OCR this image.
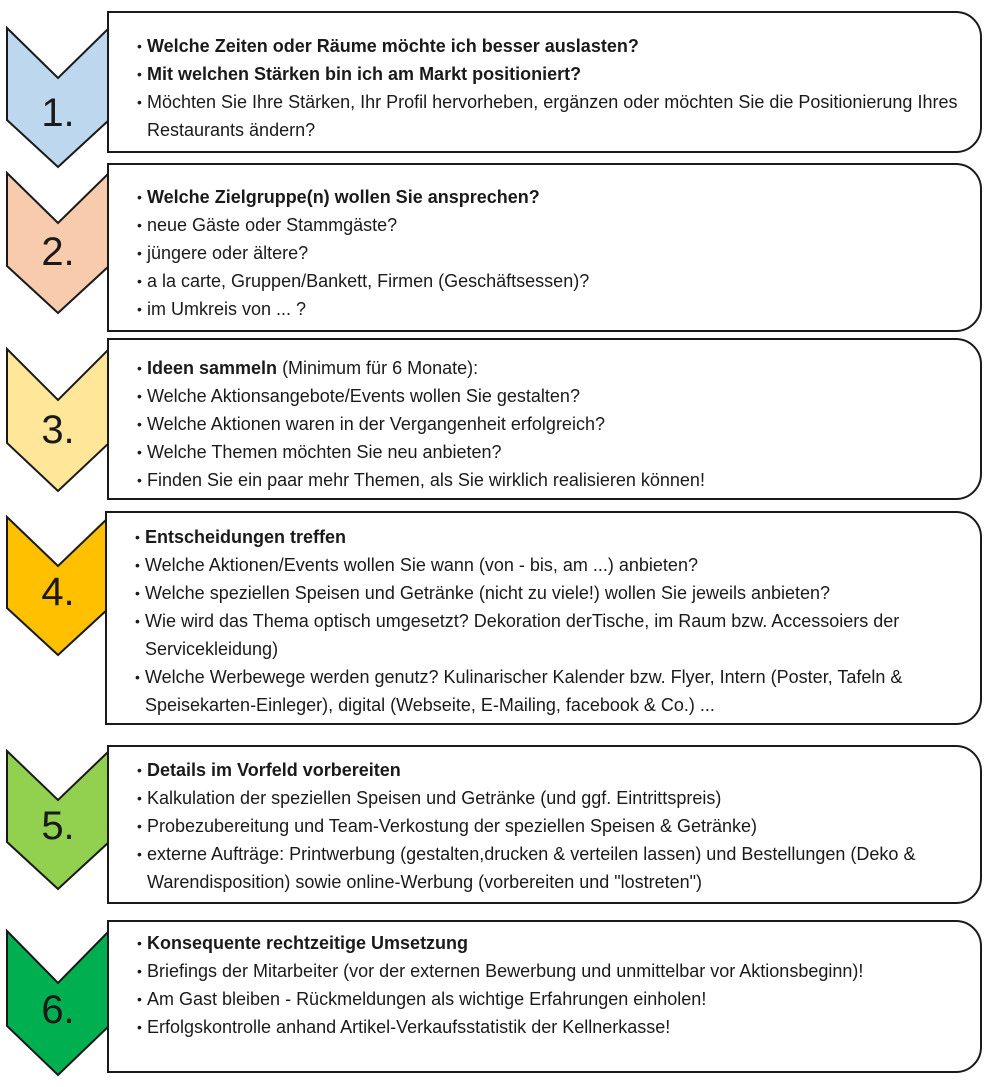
1.
• Welche Zeiten oder Räume möchte ich besser auslasten?
• Mit welchen Stärken bin ich am Markt positioniert?
• Möchten Sie Ihre Stärken, Ihr Profil hervorheben, ergänzen oder möchten Sie die Positionierung Ihres Restaurants ändern?
2.
• Welche Zielgruppe(n) wollen Sie ansprechen?
• neue Gäste oder Stammgäste?
• jüngere oder ältere?
• a la carte, Gruppen/Bankett, Firmen (Geschäftsessen)?
• im Umkreis von ... ?
3.
• Ideen sammeln (Minimum für 6 Monate):
• Welche Aktionsangebote/Events wollen Sie gestalten?
• Welche Aktionen waren in der Vergangenheit erfolgreich?
• Welche Themen möchten Sie neu anbieten?
• Finden Sie ein paar mehr Themen, als Sie wirklich realisieren können!
4.
• Entscheidungen treffen
• Welche Aktionen/Events wollen Sie wann (von - bis, am ...) anbieten?
• Welche speziellen Speisen und Getränke (nicht zu viele!) wollen Sie jeweils anbieten?
• Wie wird das Thema optisch umgesetzt? Dekoration derTische, im Raum bzw. Accessoiers der Servicekleidung)
• Welche Werbewege werden genutz? Kulinarischer Kalender bzw. Flyer, Intern (Poster, Tafeln & Speisekarten-Einleger), digital (Webseite, E-Mailing, facebook & Co.) ...
5.
• Details im Vorfeld vorbereiten
• Kalkulation der speziellen Speisen und Getränke (und ggf. Eintrittspreis)
• Probezubereitung und Team-Verkostung der speziellen Speisen & Getränke)
• externe Aufträge: Printwerbung (gestalten,drucken & verteilen lassen) und Bestellungen (Deko & Warendisposition) sowie online-Werbung (vorbereiten und "lostreten")
6.
• Konsequente rechtzeitige Umsetzung
• Briefings der Mitarbeiter (vor der externen Bewerbung und unmittelbar vor Aktionsbeginn)!
• Am Gast bleiben - Rückmeldungen als wichtige Erfahrungen einholen!
• Erfolgskontrolle anhand Artikel-Verkaufsstatistik der Kellnerkasse!
